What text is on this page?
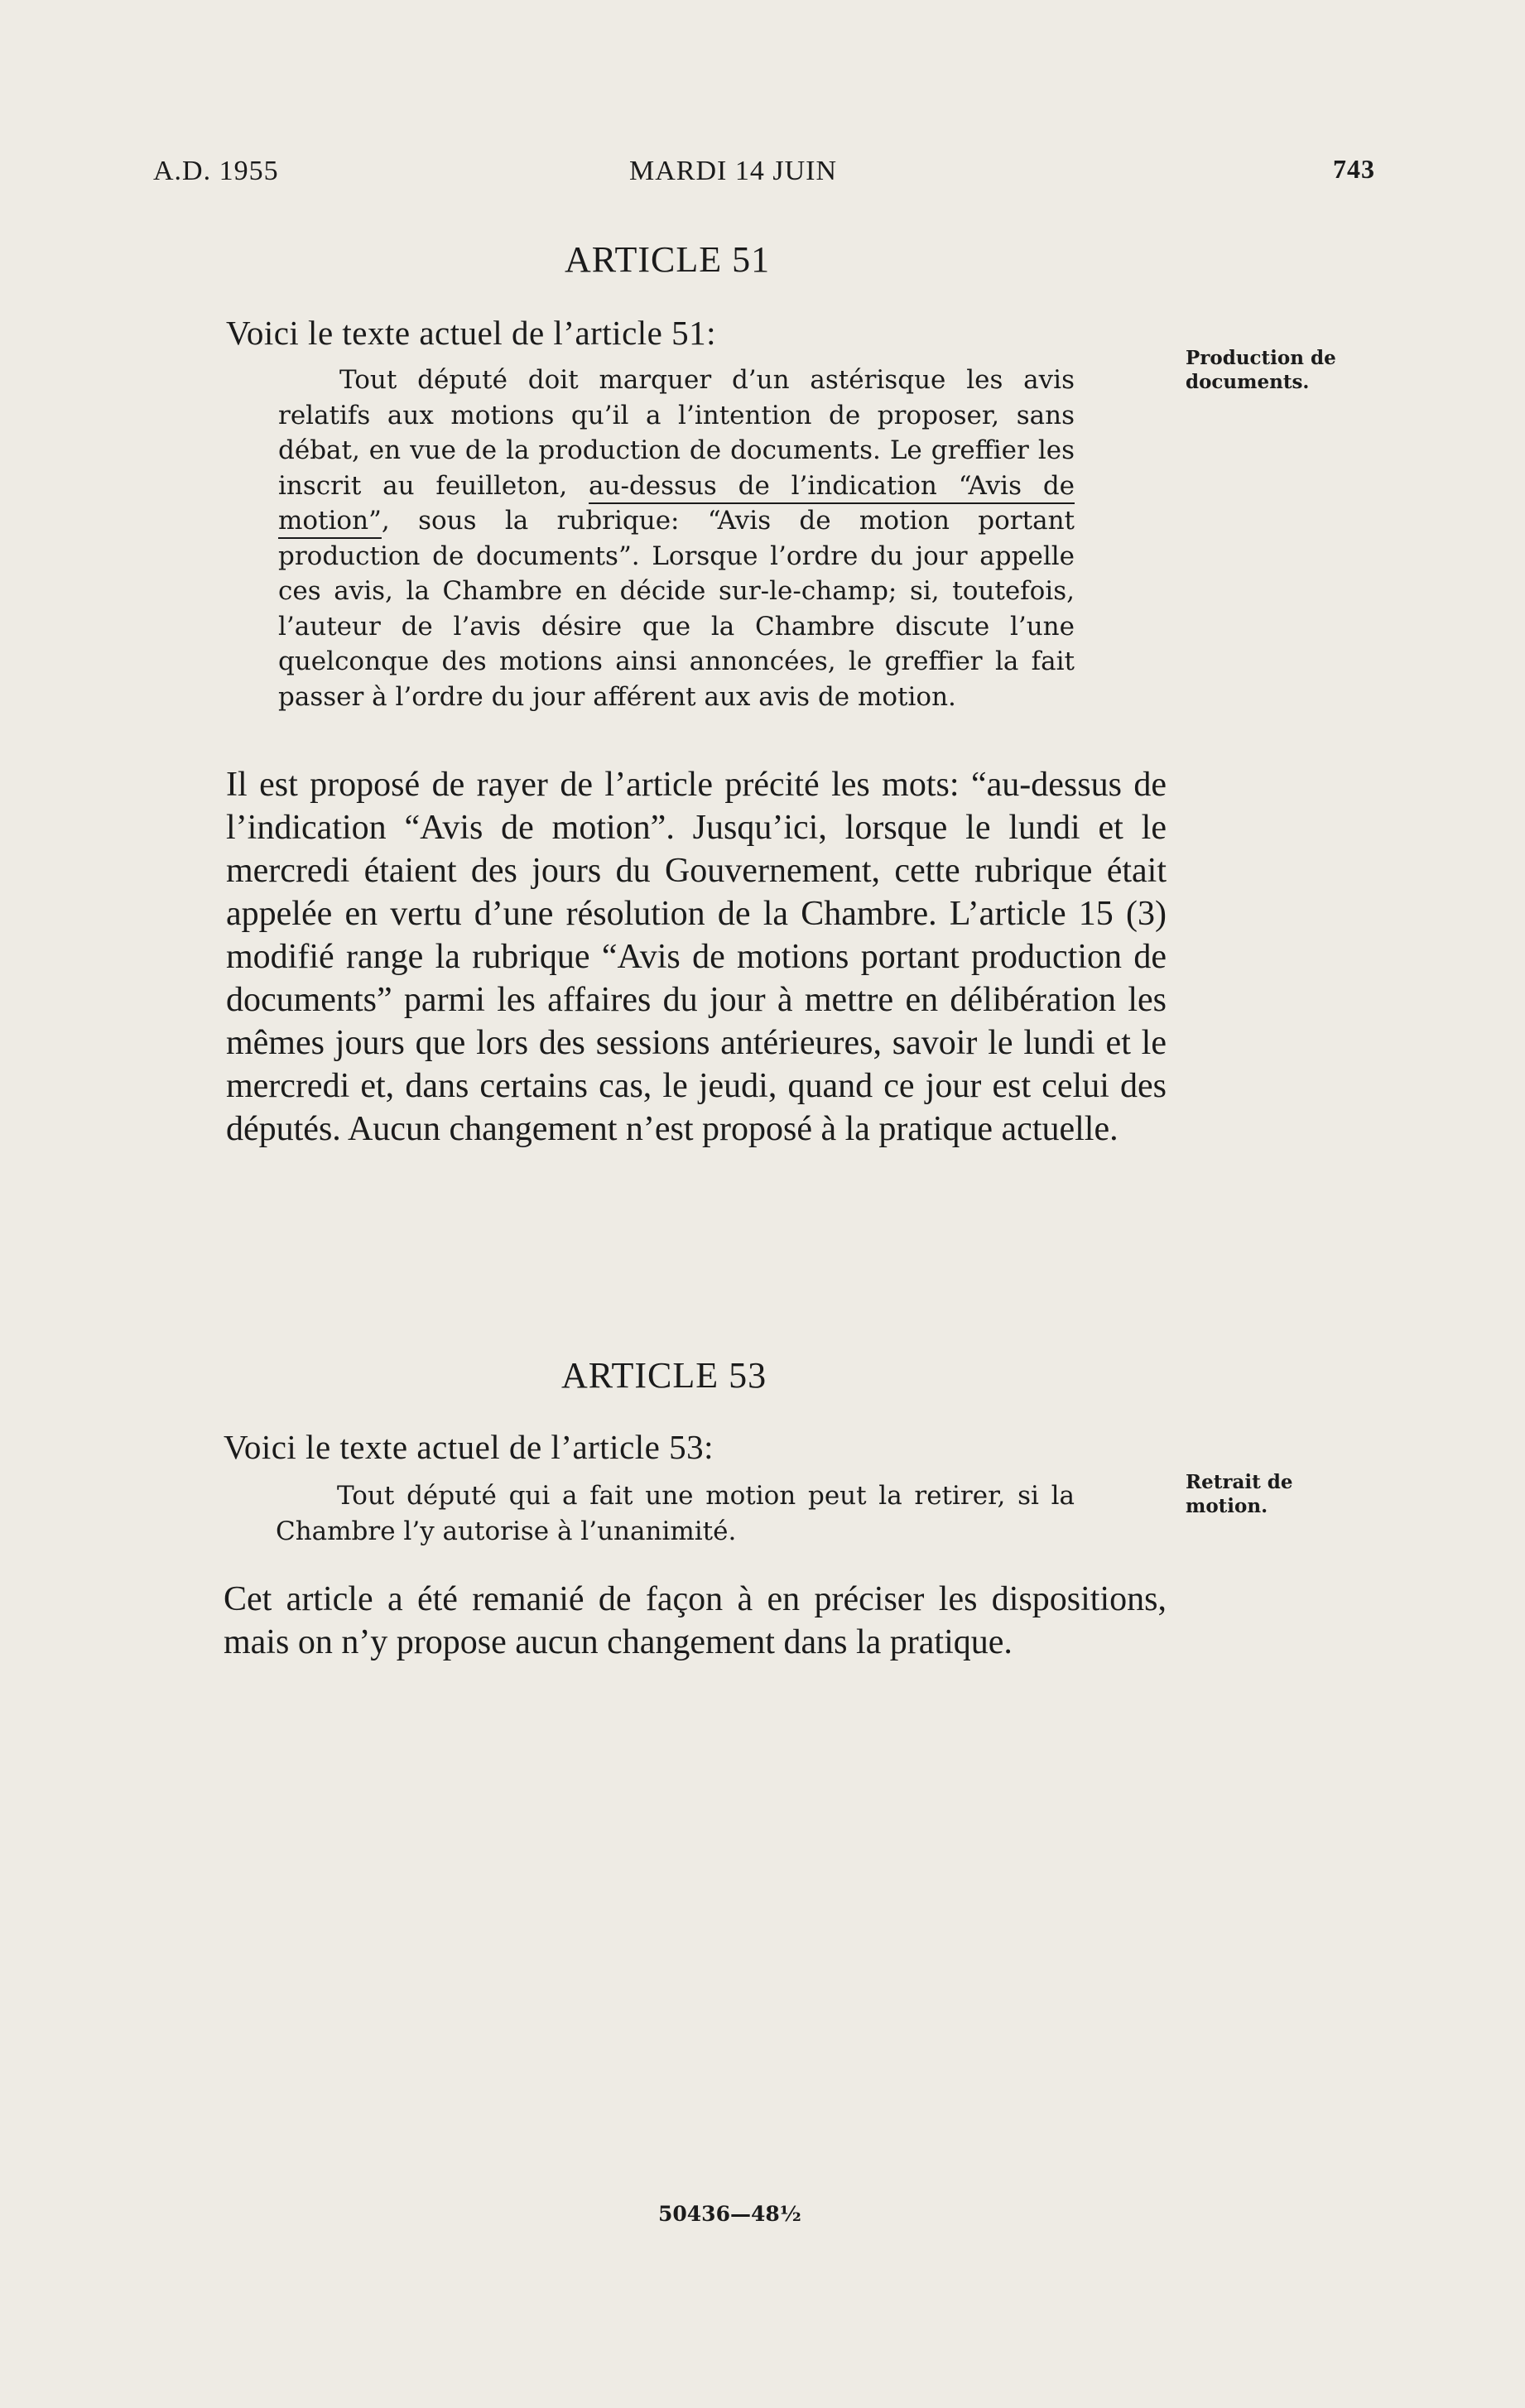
A.D. 1955	MARDI 14 JUIN	743
ARTICLE 51
Voici le texte actuel de l’article 51:
Tout député doit marquer d’un astérisque les avis relatifs aux motions qu’il a l’intention de proposer, sans débat, en vue de la production de documents. Le greffier les inscrit au feuilleton, au-dessus de l’indication “Avis de motion”, sous la rubrique: “Avis de motion portant production de documents”. Lorsque l’ordre du jour appelle ces avis, la Chambre en décide sur-le-champ; si, toutefois, l’auteur de l’avis désire que la Chambre discute l’une quelconque des motions ainsi annoncées, le greffier la fait passer à l’ordre du jour afférent aux avis de motion.
Production de documents.
Il est proposé de rayer de l’article précité les mots: “au-dessus de l’indication “Avis de motion”. Jusqu’ici, lorsque le lundi et le mercredi étaient des jours du Gouvernement, cette rubrique était appelée en vertu d’une résolution de la Chambre. L’article 15 (3) modifié range la rubrique “Avis de motions portant production de documents” parmi les affaires du jour à mettre en délibération les mêmes jours que lors des sessions antérieures, savoir le lundi et le mercredi et, dans certains cas, le jeudi, quand ce jour est celui des députés. Aucun changement n’est proposé à la pratique actuelle.
ARTICLE 53
Voici le texte actuel de l’article 53:
Tout député qui a fait une motion peut la retirer, si la Chambre l’y autorise à l’unanimité.
Retrait de motion.
Cet article a été remanié de façon à en préciser les dispositions, mais on n’y propose aucun changement dans la pratique.
50436—48½
